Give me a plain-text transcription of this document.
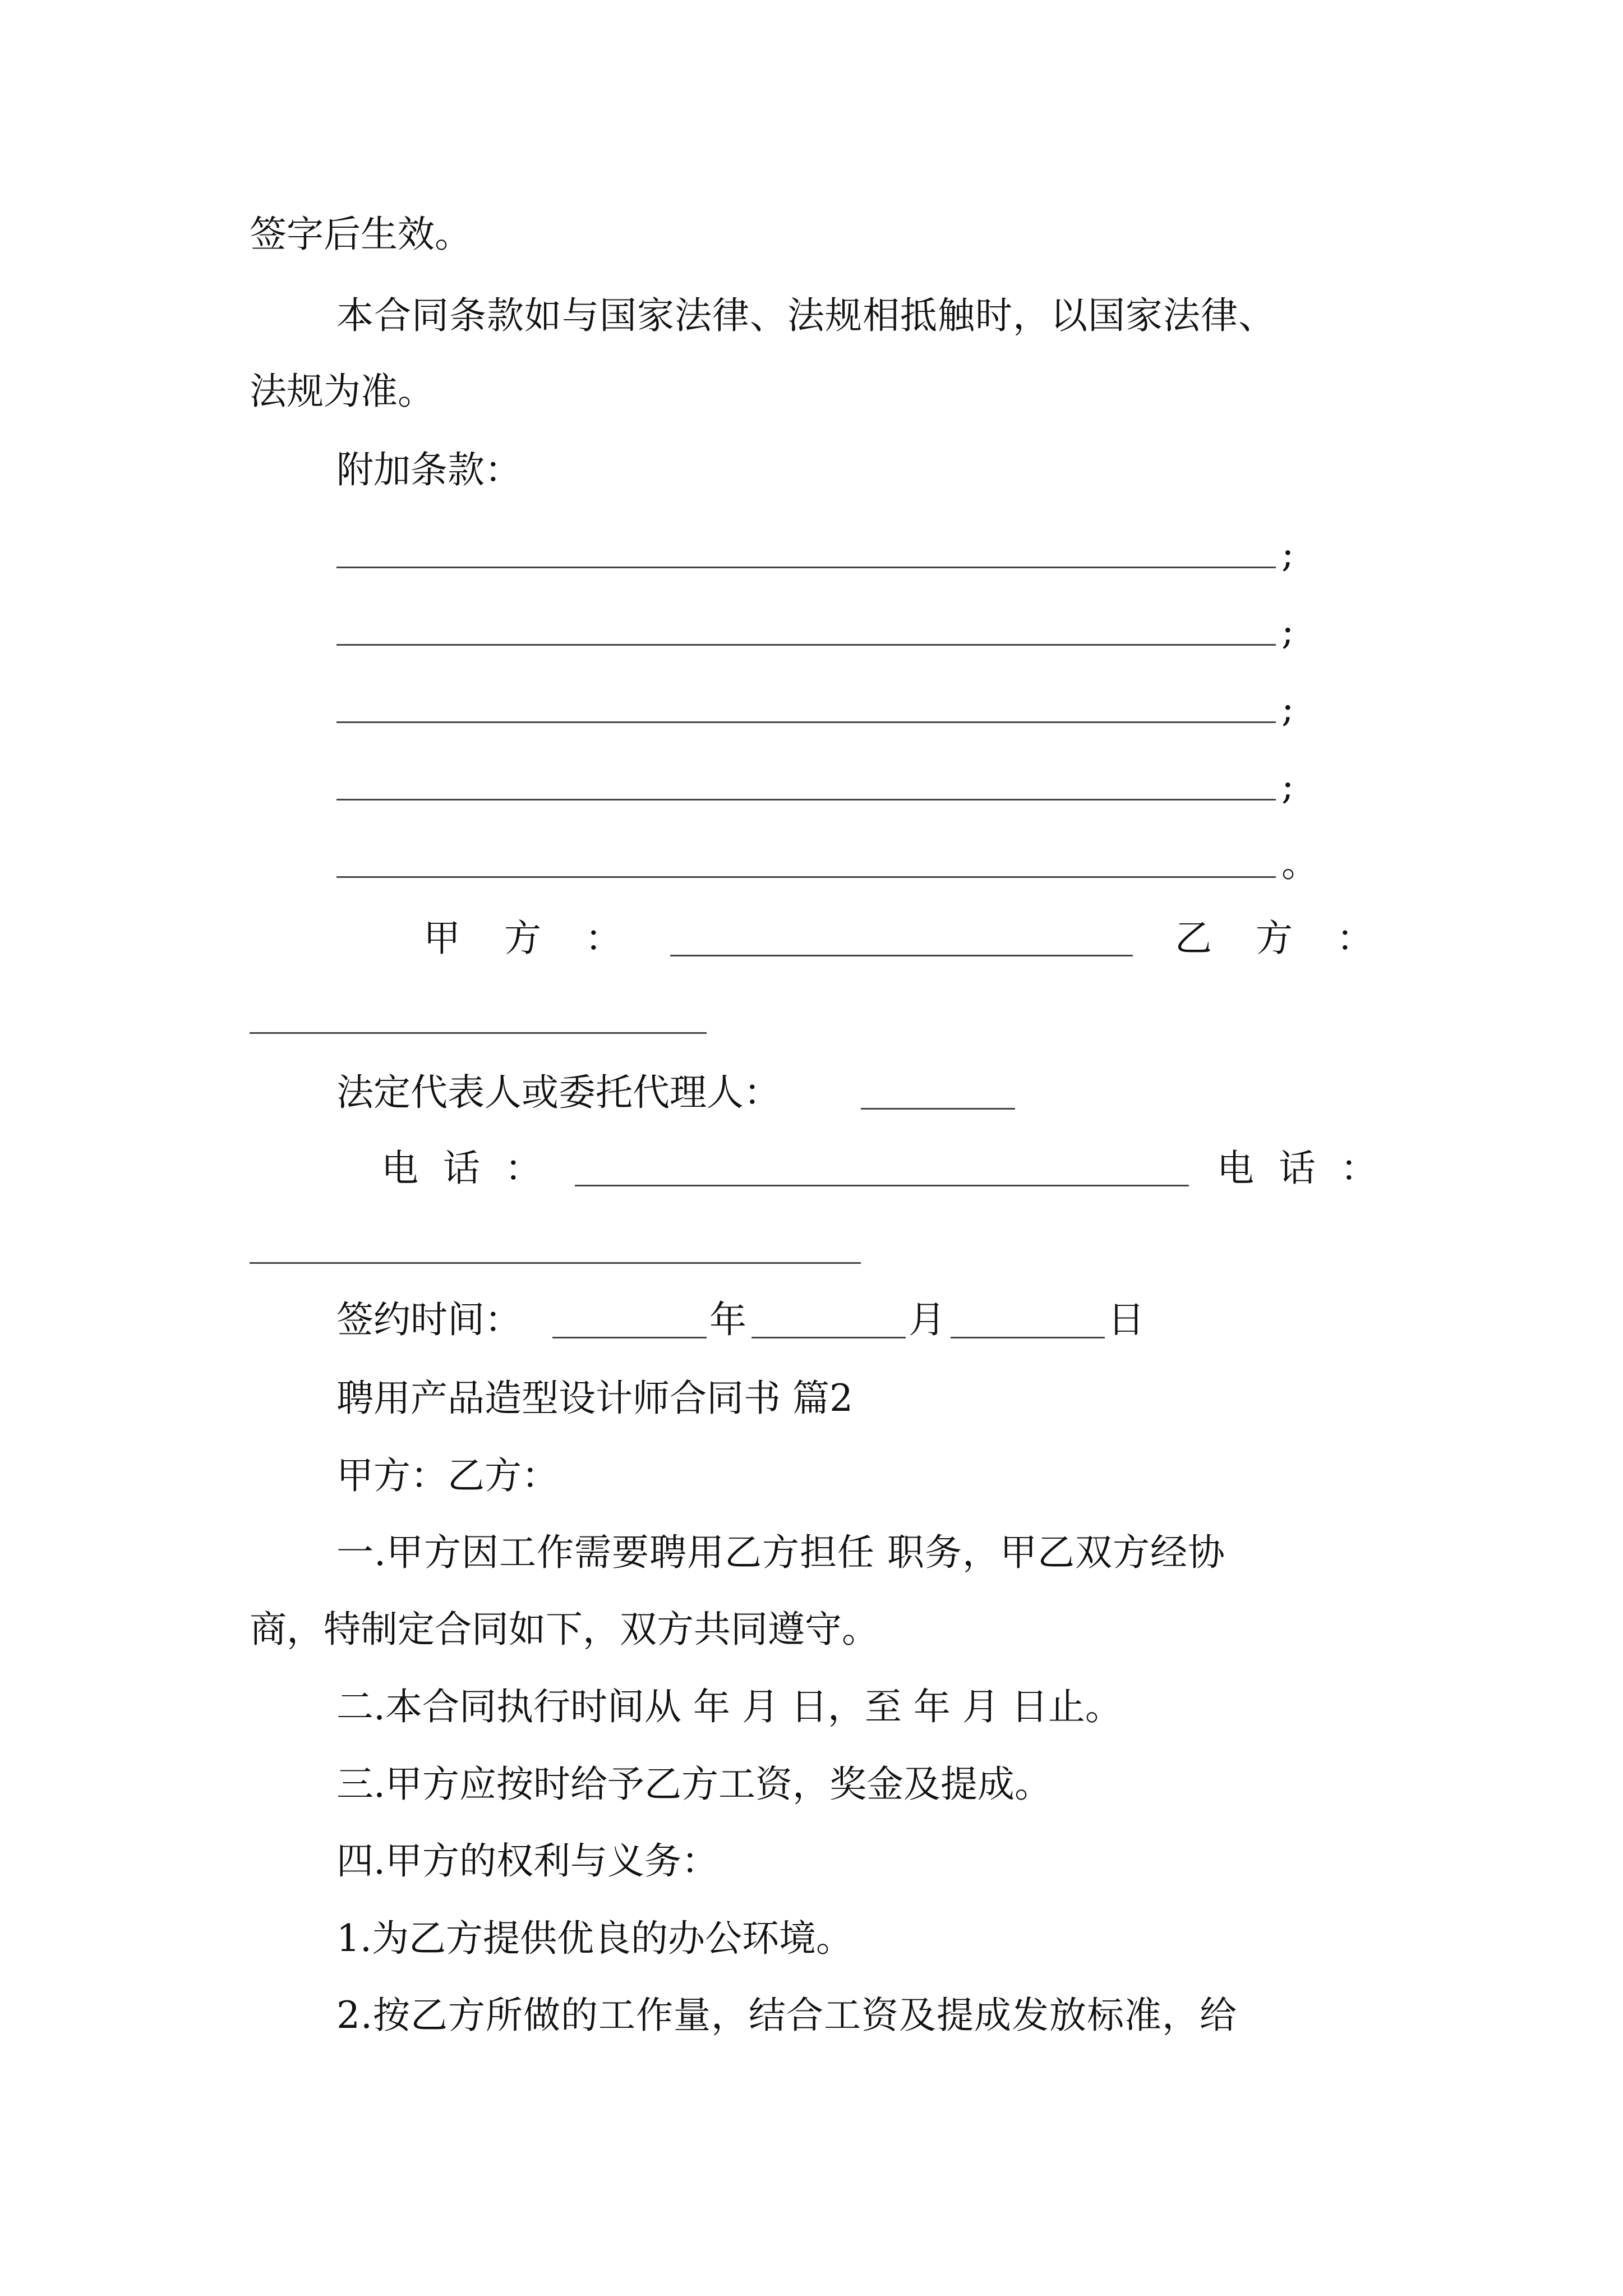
签字后生效。
本合同条款如与国家法律、法规相抵触时，以国家法律、
法规为准。
附加条款：
;
;
;
;
。
甲方：	乙方：
法定代表人或委托代理人：
电话：	电话：
签约时间：	年	月	日
聘用产品造型设计师合同书 篇2
甲方：乙方：
一.甲方因工作需要聘用乙方担任 职务，甲乙双方经协
商，特制定合同如下，双方共同遵守。
二.本合同执行时间从 年 月 日，至 年 月 日止。
三.甲方应按时给予乙方工资，奖金及提成。
四.甲方的权利与义务：
1.为乙方提供优良的办公环境。
2.按乙方所做的工作量，结合工资及提成发放标准，给
